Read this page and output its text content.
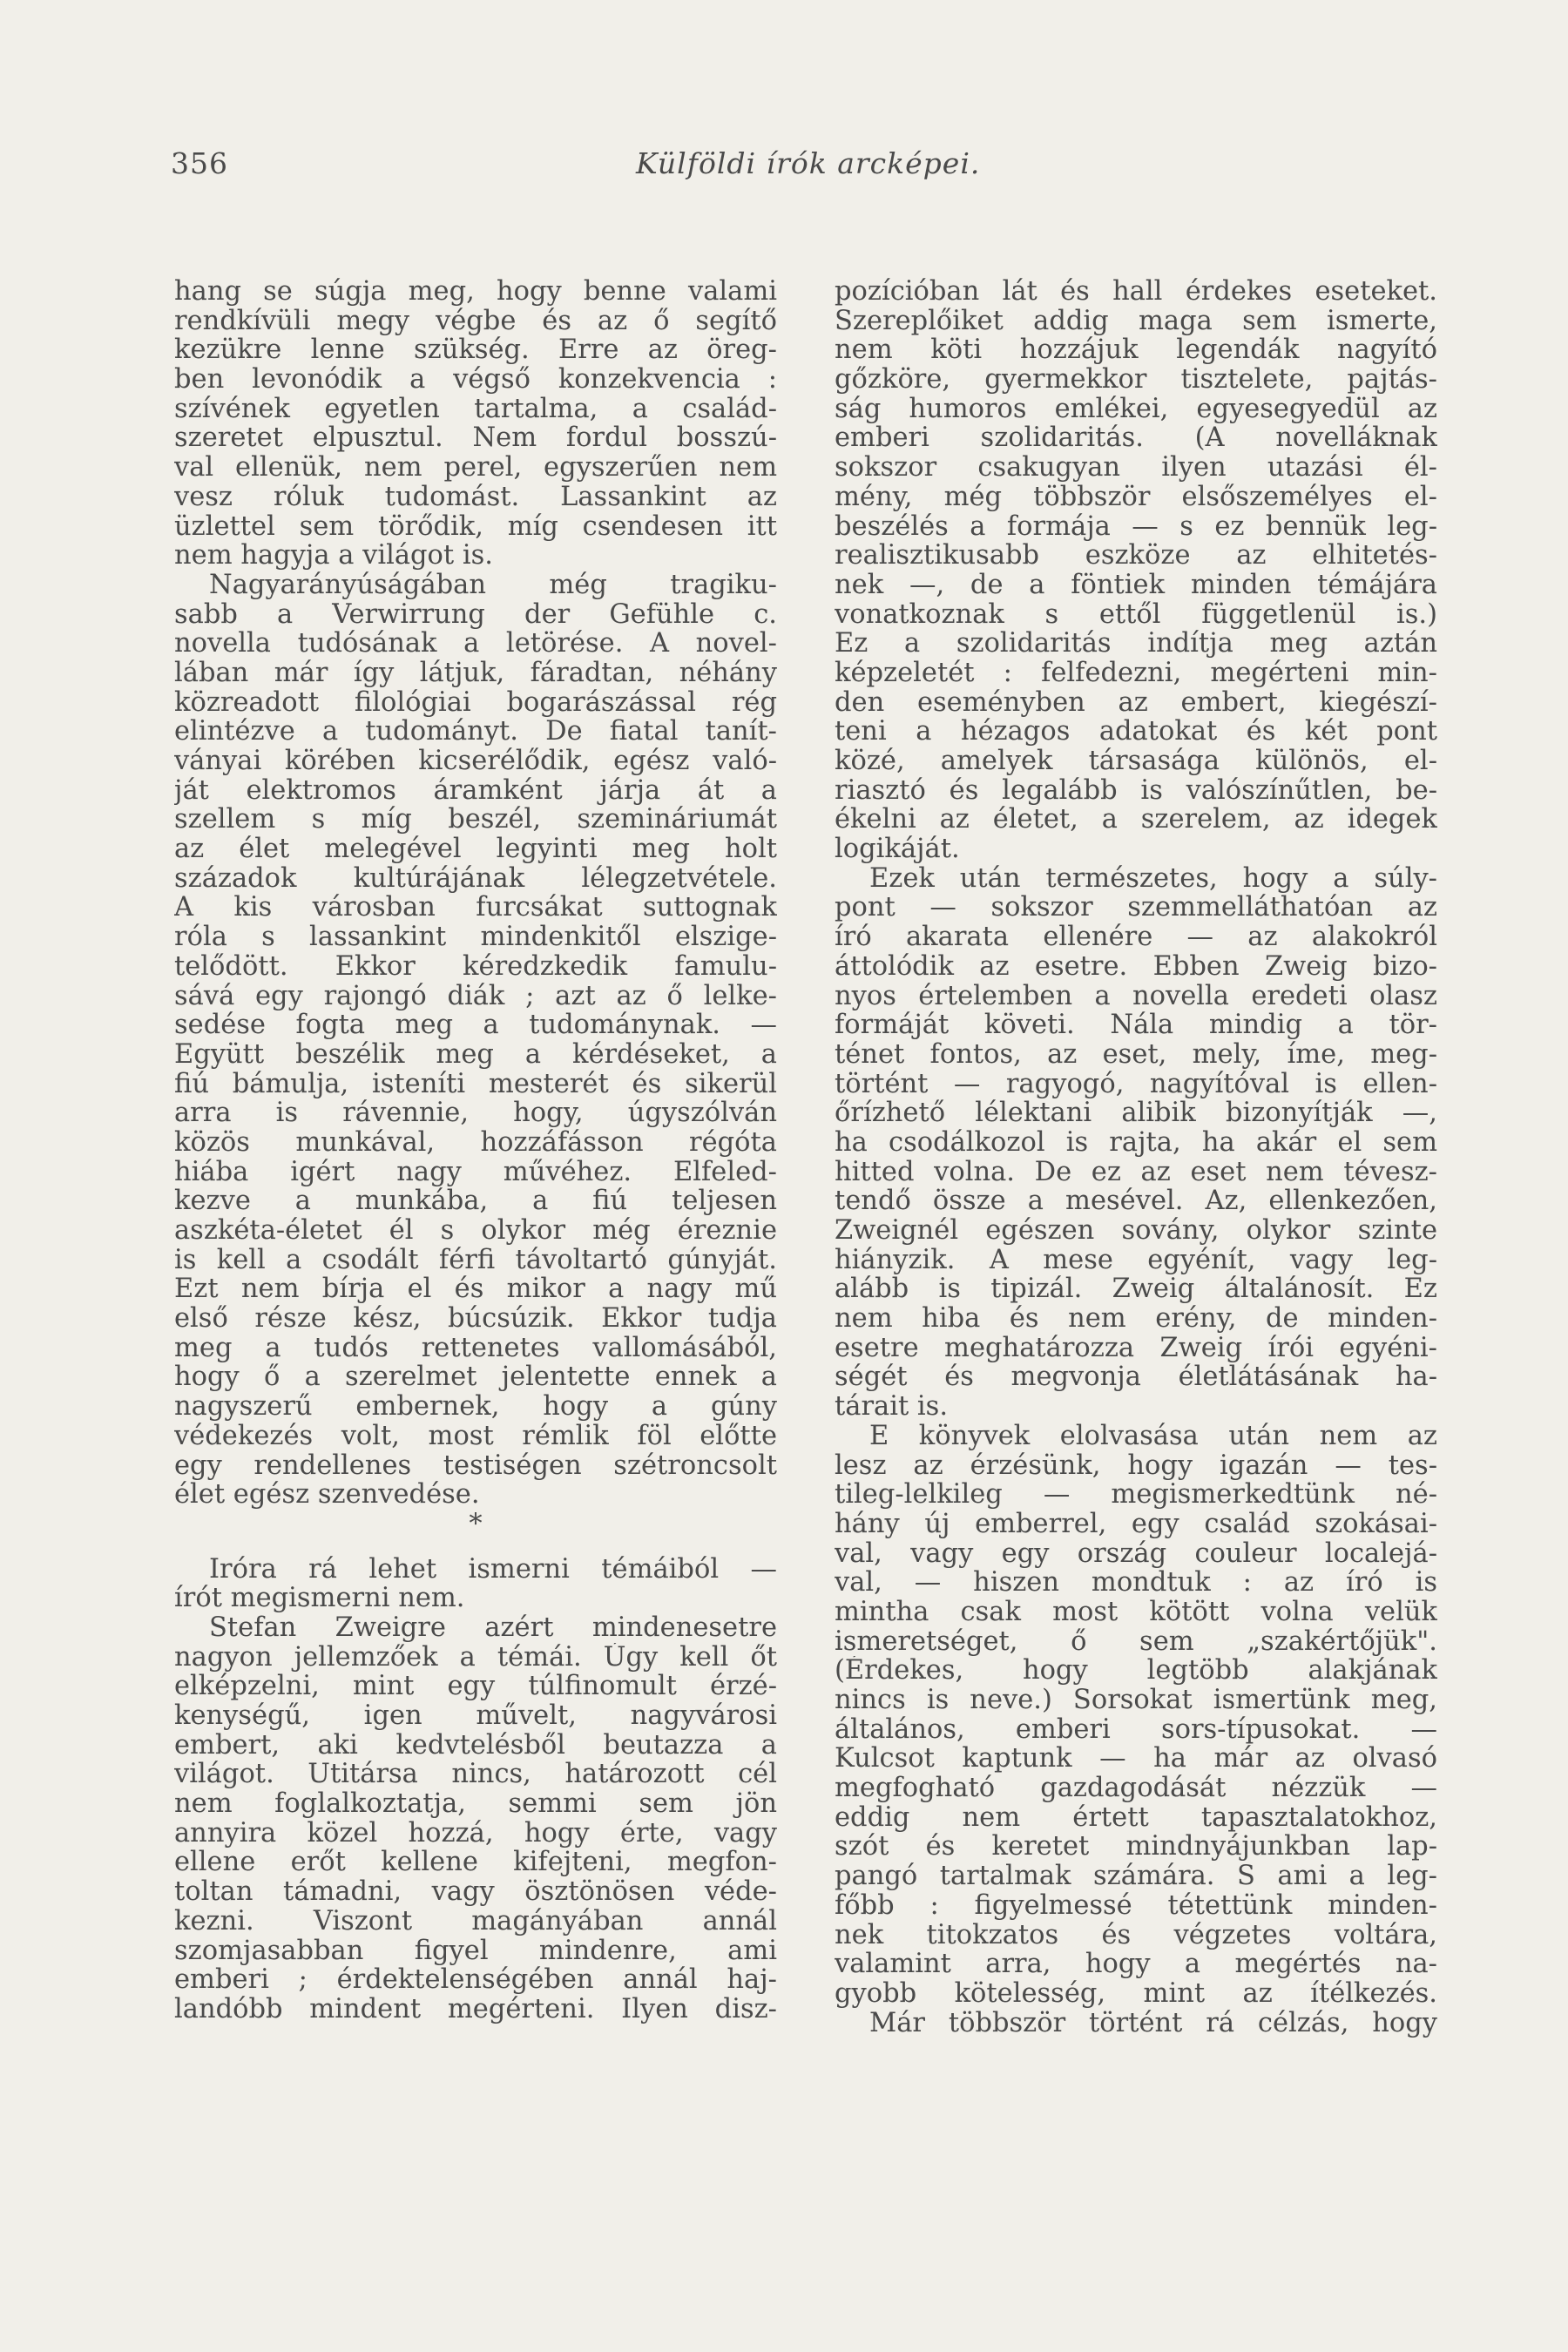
356	Külföldi írók arcképei.
hang se súgja meg, hogy benne valami
rendkívüli megy végbe és az ő segítő
kezükre lenne szükség. Erre az öreg-
ben levonódik a végső konzekvencia :
szívének egyetlen tartalma, a család-
szeretet elpusztul. Nem fordul bosszú-
val ellenük, nem perel, egyszerűen nem
vesz róluk tudomást. Lassankint az
üzlettel sem törődik, míg csendesen itt
nem hagyja a világot is.
Nagyarányúságában még tragiku-
sabb a Verwirrung der Gefühle c.
novella tudósának a letörése. A novel-
lában már így látjuk, fáradtan, néhány
közreadott filológiai bogarászással rég
elintézve a tudományt. De fiatal tanít-
ványai körében kicserélődik, egész való-
ját elektromos áramként járja át a
szellem s míg beszél, szemináriumát
az élet melegével legyinti meg holt
századok kultúrájának lélegzetvétele.
A kis városban furcsákat suttognak
róla s lassankint mindenkitől elszige-
telődött. Ekkor kéredzkedik famulu-
sává egy rajongó diák ; azt az ő lelke-
sedése fogta meg a tudománynak. —
Együtt beszélik meg a kérdéseket, a
fiú bámulja, isteníti mesterét és sikerül
arra is rávennie, hogy, úgyszólván
közös munkával, hozzáfásson régóta
hiába igért nagy művéhez. Elfeled-
kezve a munkába, a fiú teljesen
aszkéta-életet él s olykor még éreznie
is kell a csodált férfi távoltartó gúnyját.
Ezt nem bírja el és mikor a nagy mű
első része kész, búcsúzik. Ekkor tudja
meg a tudós rettenetes vallomásából,
hogy ő a szerelmet jelentette ennek a
nagyszerű embernek, hogy a gúny
védekezés volt, most rémlik föl előtte
egy rendellenes testiségen szétroncsolt
élet egész szenvedése.
*
Irόra rá lehet ismerni témáiból —
írót megismerni nem.
Stefan Zweigre azért mindenesetre
nagyon jellemzőek a témái. Úgy kell őt
elképzelni, mint egy túlfinomult érzé-
kenységű, igen művelt, nagyvárosi
embert, aki kedvtelésből beutazza a
világot. Utitársa nincs, határozott cél
nem foglalkoztatja, semmi sem jön
annyira közel hozzá, hogy érte, vagy
ellene erőt kellene kifejteni, megfon-
toltan támadni, vagy ösztönösen véde-
kezni. Viszont magányában annál
szomjasabban figyel mindenre, ami
emberi ; érdektelenségében annál haj-
landóbb mindent megérteni. Ilyen disz-
pozícióban lát és hall érdekes eseteket.
Szereplőiket addig maga sem ismerte,
nem köti hozzájuk legendák nagyító
gőzköre, gyermekkor tisztelete, pajtás-
ság humoros emlékei, egyesegyedül az
emberi szolidaritás. (A novelláknak
sokszor csakugyan ilyen utazási él-
mény, még többször elsőszemélyes el-
beszélés a formája — s ez bennük leg-
realisztikusabb eszköze az elhitetés-
nek —, de a föntiek minden témájára
vonatkoznak s ettől függetlenül is.)
Ez a szolidaritás indítja meg aztán
képzeletét : felfedezni, megérteni min-
den eseményben az embert, kiegészí-
teni a hézagos adatokat és két pont
közé, amelyek társasága különös, el-
riasztó és legalább is valószínűtlen, be-
ékelni az életet, a szerelem, az idegek
logikáját.
Ezek után természetes, hogy a súly-
pont — sokszor szemmelláthatóan az
író akarata ellenére — az alakokról
áttolódik az esetre. Ebben Zweig bizo-
nyos értelemben a novella eredeti olasz
formáját követi. Nála mindig a tör-
ténet fontos, az eset, mely, íme, meg-
történt — ragyogó, nagyítóval is ellen-
őrízhető lélektani alibik bizonyítják —,
ha csodálkozol is rajta, ha akár el sem
hitted volna. De ez az eset nem tévesz-
tendő össze a mesével. Az, ellenkezően,
Zweignél egészen sovány, olykor szinte
hiányzik. A mese egyénít, vagy leg-
alább is tipizál. Zweig általánosít. Ez
nem hiba és nem erény, de minden-
esetre meghatározza Zweig írói egyéni-
ségét és megvonja életlátásának ha-
tárait is.
E könyvek elolvasása után nem az
lesz az érzésünk, hogy igazán — tes-
tileg-lelkileg — megismerkedtünk né-
hány új emberrel, egy család szokásai-
val, vagy egy ország couleur localejá-
val, — hiszen mondtuk : az író is
mintha csak most kötött volna velük
ismeretséget, ő sem „szakértőjük".
(Érdekes, hogy legtöbb alakjának
nincs is neve.) Sorsokat ismertünk meg,
általános, emberi sors-típusokat. —
Kulcsot kaptunk — ha már az olvasó
megfogható gazdagodását nézzük —
eddig nem értett tapasztalatokhoz,
szót és keretet mindnyájunkban lap-
pangó tartalmak számára. S ami a leg-
főbb : figyelmessé tétettünk minden-
nek titokzatos és végzetes voltára,
valamint arra, hogy a megértés na-
gyobb kötelesség, mint az ítélkezés.
Már többször történt rá célzás, hogy
